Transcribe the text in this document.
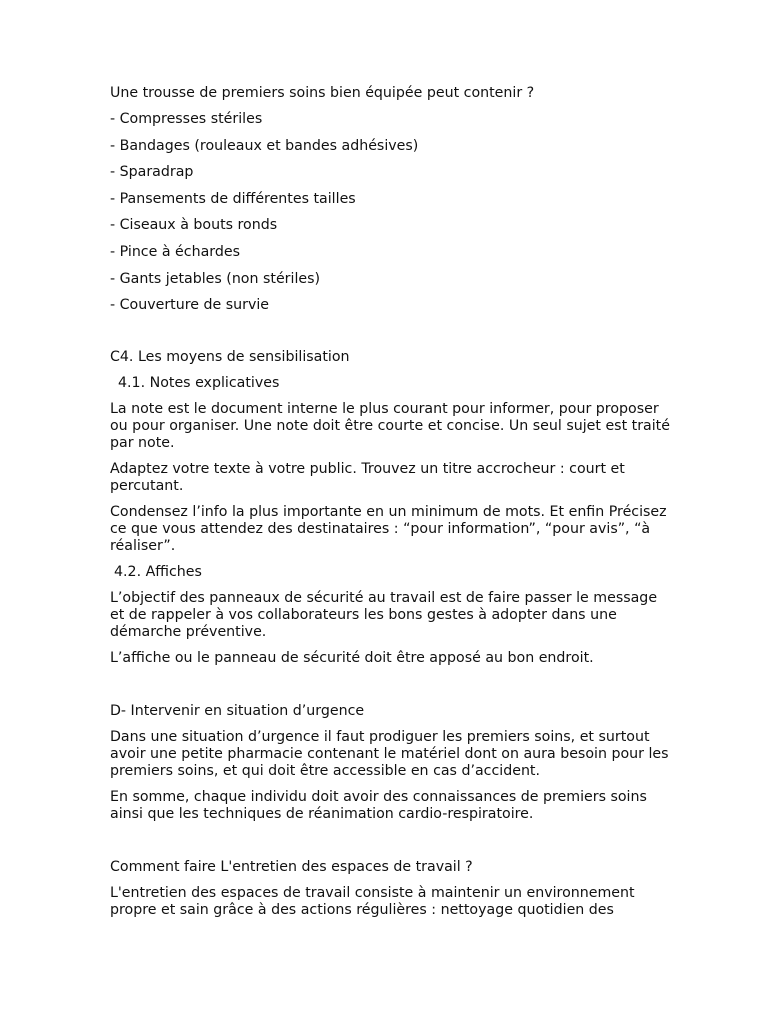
Une trousse de premiers soins bien équipée peut contenir ?

- Compresses stériles

- Bandages (rouleaux et bandes adhésives)

- Sparadrap

- Pansements de différentes tailles

- Ciseaux à bouts ronds

- Pince à échardes

- Gants jetables (non stériles)

- Couverture de survie

C4. Les moyens de sensibilisation

4.1. Notes explicatives

La note est le document interne le plus courant pour informer, pour proposer ou pour organiser. Une note doit être courte et concise. Un seul sujet est traité par note.

Adaptez votre texte à votre public. Trouvez un titre accrocheur : court et percutant.

Condensez l’info la plus importante en un minimum de mots. Et enfin Précisez ce que vous attendez des destinataires : “pour information”, “pour avis”, “à réaliser”.

4.2. Affiches

L’objectif des panneaux de sécurité au travail est de faire passer le message et de rappeler à vos collaborateurs les bons gestes à adopter dans une démarche préventive.

L’affiche ou le panneau de sécurité doit être apposé au bon endroit.

D- Intervenir en situation d’urgence

Dans une situation d’urgence il faut prodiguer les premiers soins, et surtout avoir une petite pharmacie contenant le matériel dont on aura besoin pour les premiers soins, et qui doit être accessible en cas d’accident.

En somme, chaque individu doit avoir des connaissances de premiers soins ainsi que les techniques de réanimation cardio-respiratoire.

Comment faire L'entretien des espaces de travail ?

L'entretien des espaces de travail consiste à maintenir un environnement propre et sain grâce à des actions régulières : nettoyage quotidien des
